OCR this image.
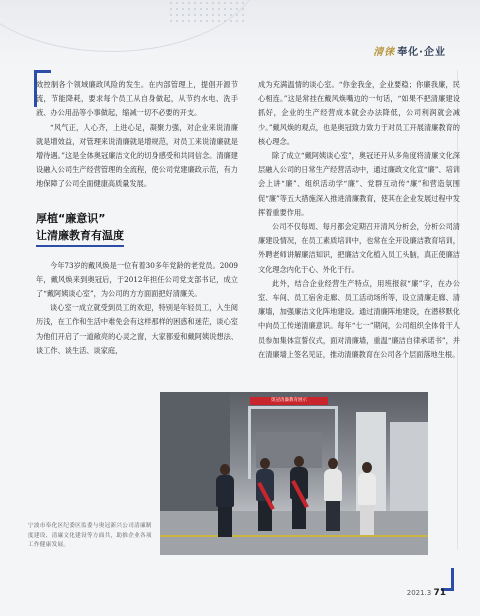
清徕 奉化·企业

效控制各个领域廉政风险的发生。在内部管理上，提倡开源节流，节能降耗，要求每个员工从自身做起，从节约水电、洗手液、办公用品等小事做起，缩减一切不必要的开支。

“风气正，人心齐，上进心足，凝聚力强，对企业来说清廉就是增效益，对管理来说清廉就是增规范，对员工来说清廉就是增待遇。”这是全体奥冠廉洁文化的切身感受和共同信念。清廉建设融入公司生产经营管理的全流程，使公司党建廉政示范，有力地保障了公司全面健康高质量发展。

厚植“廉意识”
让清廉教育有温度

今年73岁的戴风焕是一位有着30多年党龄的老党员。2009年，戴风焕来到奥冠后，于2012年担任公司党支部书记，成立了“戴阿姨谈心室”，为公司的方方面面把好清廉关。

谈心室一成立就受到员工的欢迎，特别是年轻员工，入生阅历浅，在工作和生活中难免会有这样那样的困惑和迷茫，谈心室为他们开启了一道敞亮的心灵之窗，大家都爱和戴阿姨说想法、谈工作、谈生活、谈家庭，

成为充满温情的谈心室。“你金我金，企业要稳；你廉我廉，民心相连。”这是常挂在戴风焕嘴边的一句话，“如果不把清廉建设抓好，企业的生产经营成本就会办法降低，公司利润就会减少。”戴风焕的观点，也是奥冠致力致力于对员工开展清廉教育的核心理念。

除了成立“戴阿姨谈心室”，奥冠还开从多角度将清廉文化深层融入公司的日常生产经营活动中，通过廉政文化宣“廉”、培训会上讲“廉”、组织活动学“廉”、党群互动传“廉”和营造氛围促“廉”等五大措施深入推进清廉教育，使其在企业发展过程中发挥着重要作用。

公司不仅每周、每月都会定期召开清风分析会，分析公司清廉建设情况，在员工素质培训中，也常在全开设廉洁教育培训，外聘老师讲解廉洁知识，把廉洁文化植入员工头脑，真正使廉洁文化理念内化于心、外化于行。

此外，结合企业经营生产特点，用班报叙“廉”字，在办公室、车间、员工宿舍走廊、员工活动场所等，设立清廉走廊、清廉墙，加强廉洁文化阵地建设。通过清廉阵地建设，在潜移默化中向员工传递清廉意识。每年“七一”期间，公司组织全体骨干人员参加集体宣誓仪式，面对清廉墙，重温“廉洁自律承诺书”，并在清廉墙上签名见证，推动清廉教育在公司各个层面落地生根。

奥冠清廉教育展示
宁波市奉化区纪委区监委与奥冠新兴公司清廉制度建设、清廉文化建设等方面共，助推企业各项工作健康发展。
2021.3 71
